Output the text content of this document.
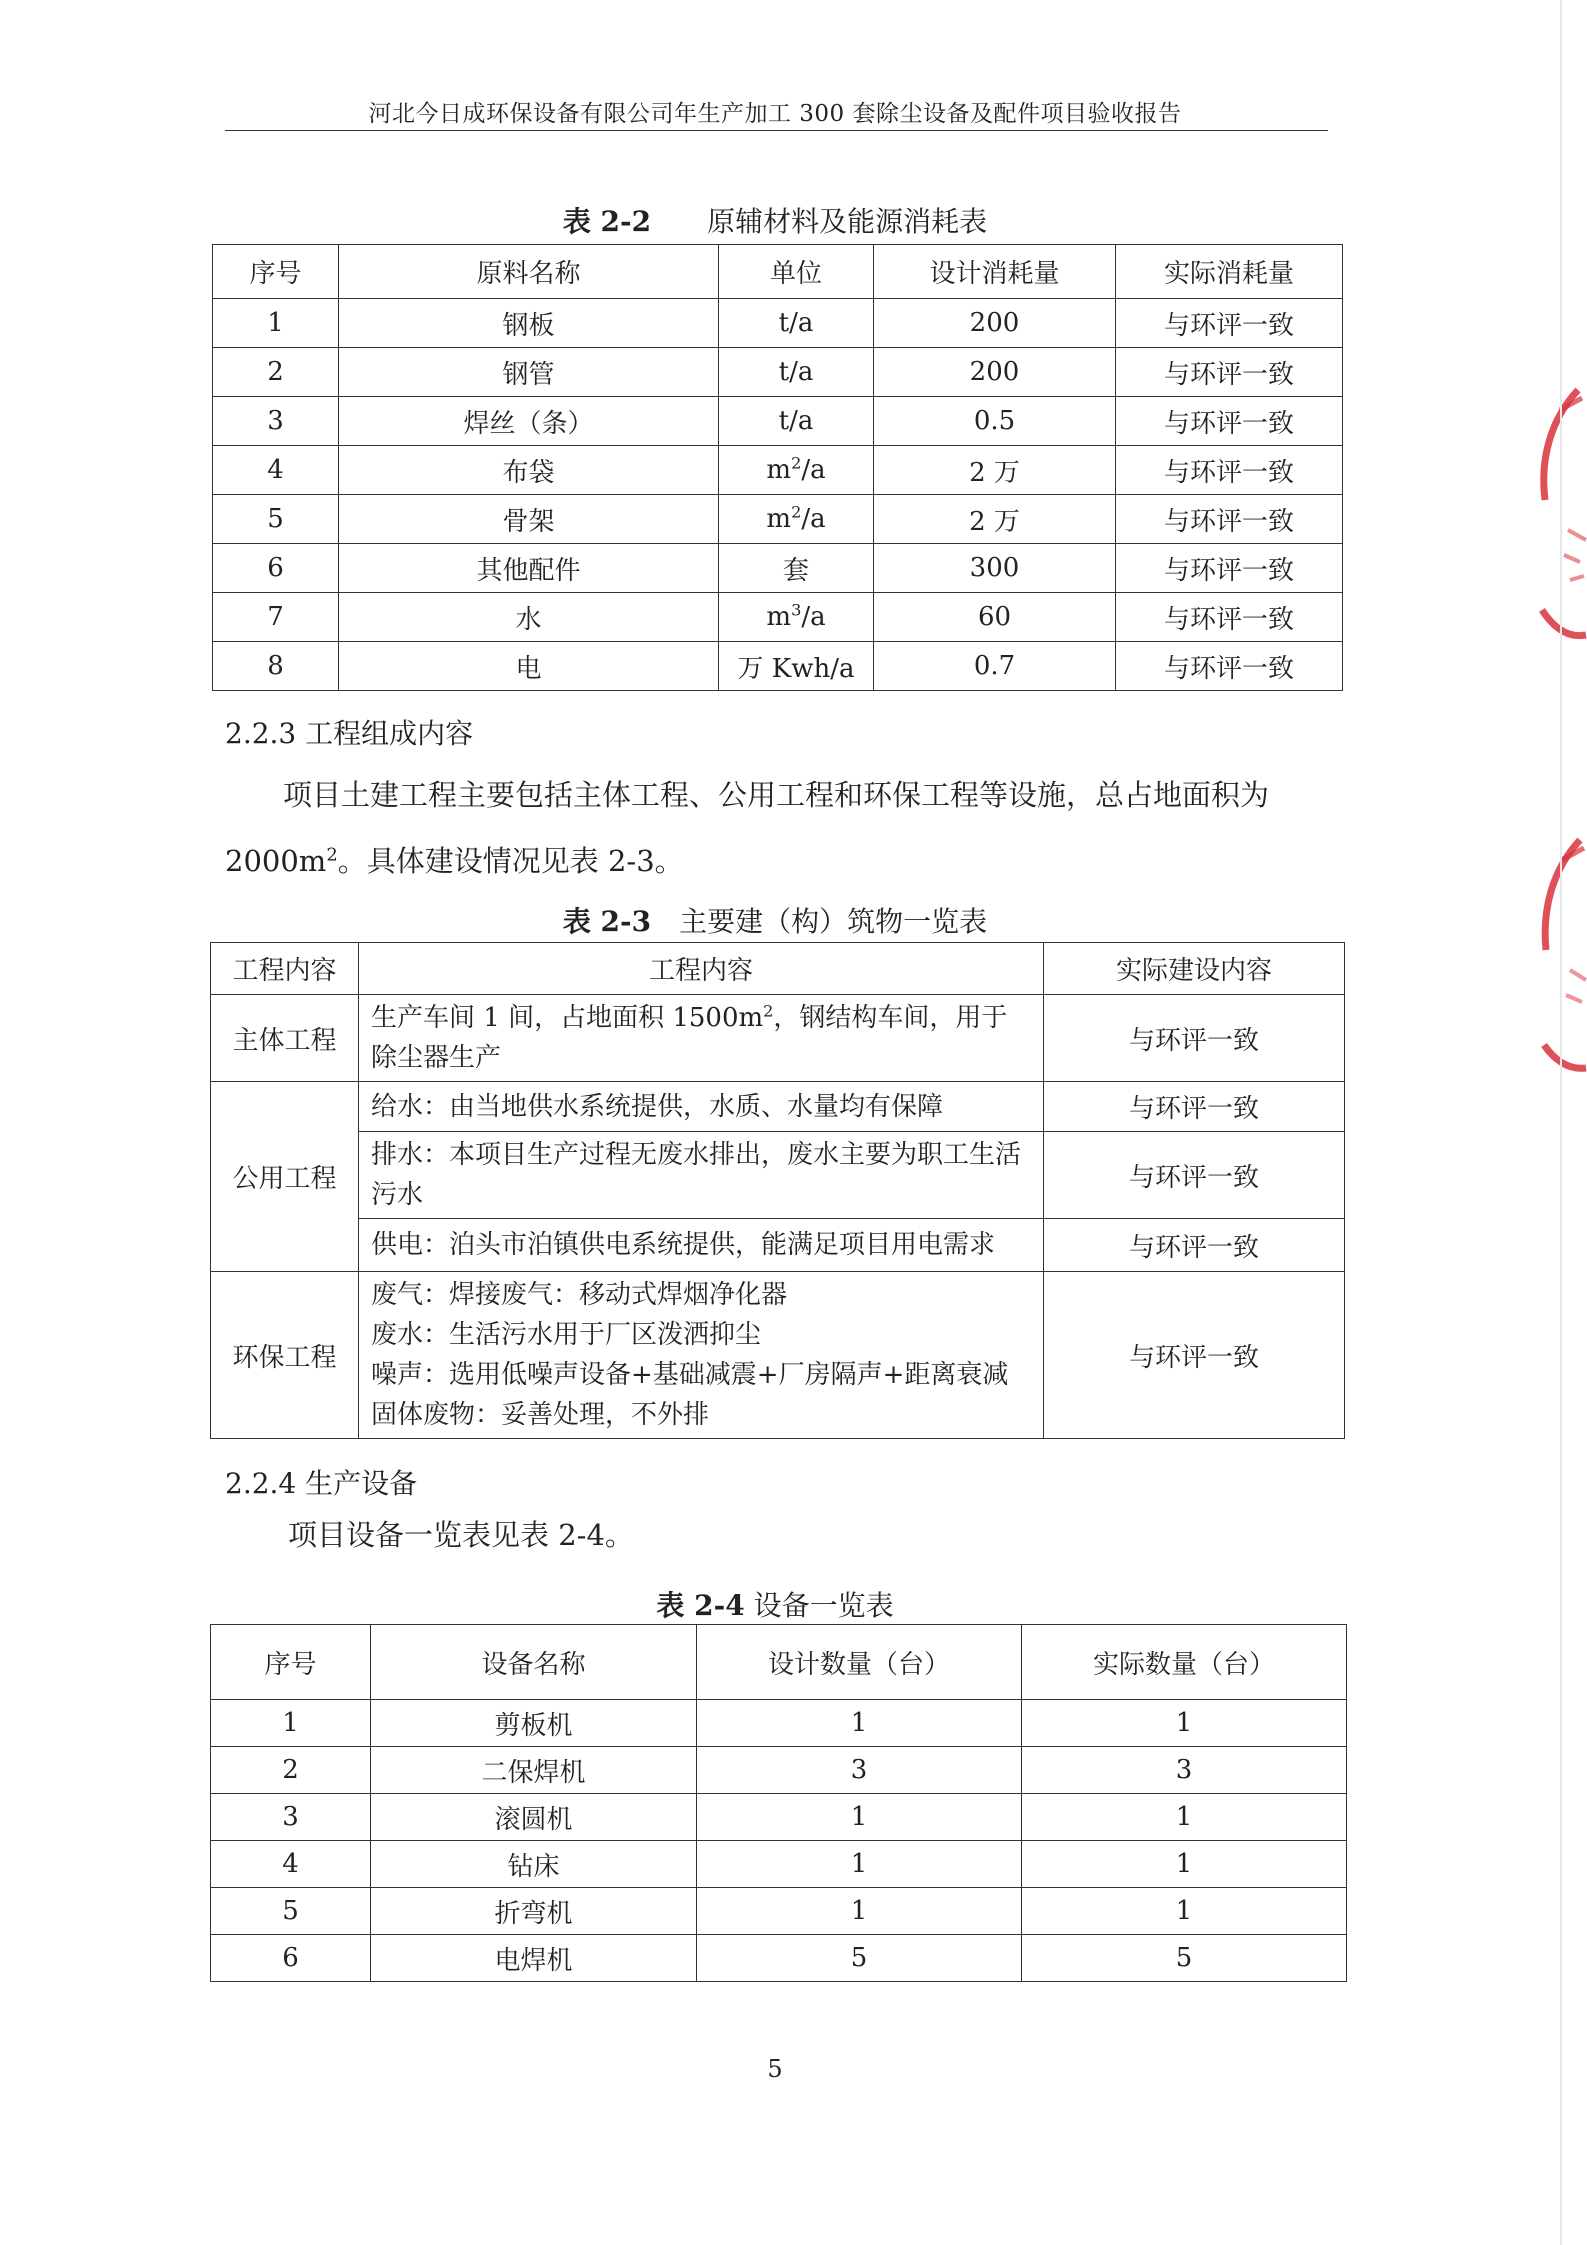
河北今日成环保设备有限公司年生产加工 300 套除尘设备及配件项目验收报告
表 2-2   原辅材料及能源消耗表
序号	原料名称	单位	设计消耗量	实际消耗量
1	钢板	t/a	200	与环评一致
2	钢管	t/a	200	与环评一致
3	焊丝（条）	t/a	0.5	与环评一致
4	布袋	$m^2/a$	2 万	与环评一致
5	骨架	$m^2/a$	2 万	与环评一致
6	其他配件	套	300	与环评一致
7	水	$m^3/a$	60	与环评一致
8	电	万 Kwh/a	0.7	与环评一致
2.2.3 工程组成内容
项目土建工程主要包括主体工程、公用工程和环保工程等设施，总占地面积为 $2000m^2$。具体建设情况见表 2-3。
表 2-3  主要建（构）筑物一览表
工程内容	工程内容	实际建设内容
主体工程	生产车间 1 间，占地面积 $1500m^2$，钢结构车间，用于除尘器生产	与环评一致
公用工程	给水：由当地供水系统提供，水质、水量均有保障	与环评一致
	排水：本项目生产过程无废水排出，废水主要为职工生活污水	与环评一致
	供电：泊头市泊镇供电系统提供，能满足项目用电需求	与环评一致
环保工程	废气：焊接废气：移动式焊烟净化器
废水：生活污水用于厂区泼洒抑尘
噪声：选用低噪声设备+基础减震+厂房隔声+距离衰减
固体废物：妥善处理，不外排	与环评一致
2.2.4 生产设备
项目设备一览表见表 2-4。
表 2-4 设备一览表
序号	设备名称	设计数量（台）	实际数量（台）
1	剪板机	1	1
2	二保焊机	3	3
3	滚圆机	1	1
4	钻床	1	1
5	折弯机	1	1
6	电焊机	5	5
5
